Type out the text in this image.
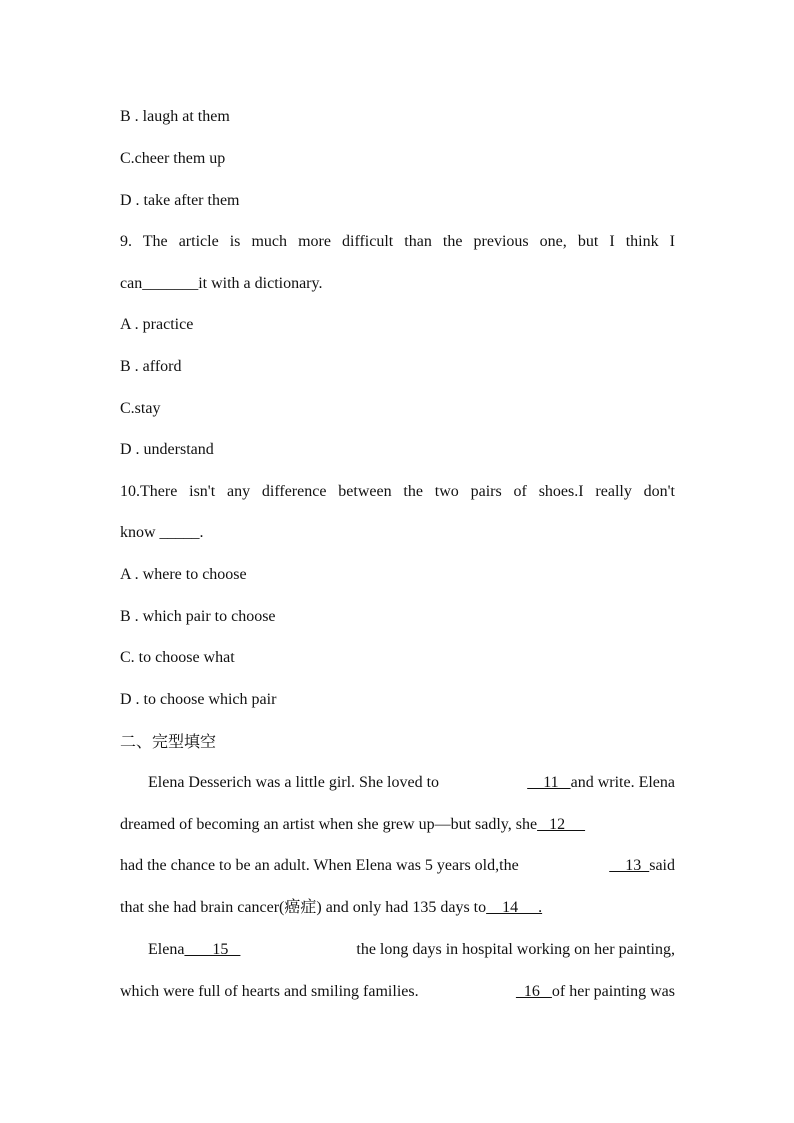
B . laugh at them
C.cheer them up
D . take after them
9. The article is much more difficult than the previous one, but I think I
can_______it with a dictionary.
A . practice
B . afford
C.stay
D . understand
10.There isn't any difference between the two pairs of shoes.I really don't
know _____.
A . where to choose
B . which pair to choose
C. to choose what
D . to choose which pair
二、完型填空
Elena Desserich was a little girl. She loved to	11   and write. Elena
dreamed of becoming an artist when she grew up—but sadly, she   12
had the chance to be an adult. When Elena was 5 years old,the	13  said
that she had brain cancer(癌症) and only had 135 days to    14     .
Elena       15	the long days in hospital working on her painting,
which were full of hearts and smiling families.	16   of her painting was
